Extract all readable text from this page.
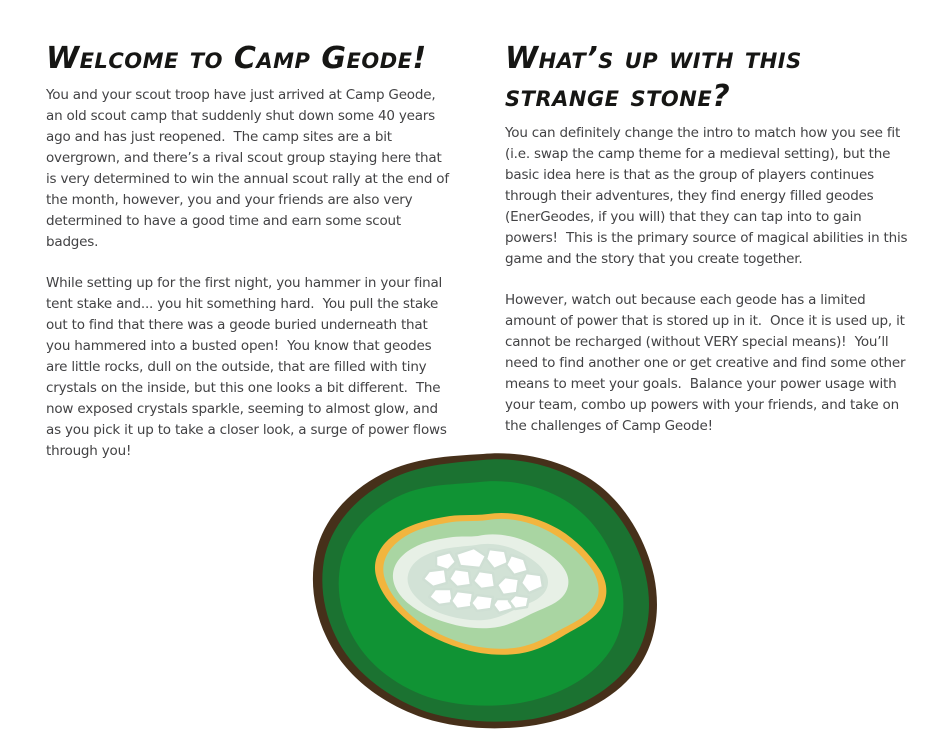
Welcome to Camp Geode!

You and your scout troop have just arrived at Camp Geode, an old scout camp that suddenly shut down some 40 years ago and has just reopened.  The camp sites are a bit overgrown, and there’s a rival scout group staying here that is very determined to win the annual scout rally at the end of the month, however, you and your friends are also very determined to have a good time and earn some scout badges.

While setting up for the first night, you hammer in your final tent stake and... you hit something hard.  You pull the stake out to find that there was a geode buried underneath that you hammered into a busted open!  You know that geodes are little rocks, dull on the outside, that are filled with tiny crystals on the inside, but this one looks a bit different.  The now exposed crystals sparkle, seeming to almost glow, and as you pick it up to take a closer look, a surge of power flows through you!

What’s up with this strange stone?

You can definitely change the intro to match how you see fit (i.e. swap the camp theme for a medieval setting), but the basic idea here is that as the group of players continues through their adventures, they find energy filled geodes (EnerGeodes, if you will) that they can tap into to gain powers!  This is the primary source of magical abilities in this game and the story that you create together.

However, watch out because each geode has a limited amount of power that is stored up in it.  Once it is used up, it cannot be recharged (without VERY special means)!  You’ll need to find another one or get creative and find some other means to meet your goals.  Balance your power usage with your team, combo up powers with your friends, and take on the challenges of Camp Geode!
